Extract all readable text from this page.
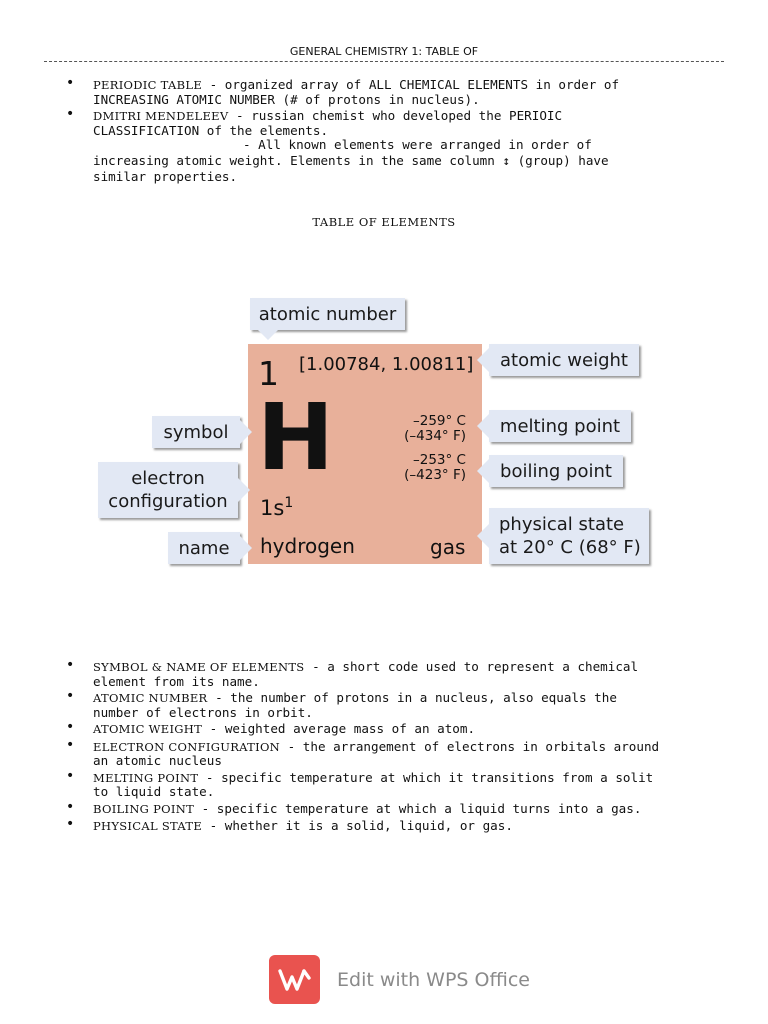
GENERAL CHEMISTRY 1: TABLE OF
• PERIODIC TABLE - organized array of ALL CHEMICAL ELEMENTS in order of
INCREASING ATOMIC NUMBER (# of protons in nucleus).
• DMITRI MENDELEEV - russian chemist who developed the PERIOIC
CLASSIFICATION of the elements.
- All known elements were arranged in order of
increasing atomic weight. Elements in the same column ↕ (group) have
similar properties.
TABLE OF ELEMENTS
1 [1.00784, 1.00811]
H	–259° C
(–434° F)
–253° C
(–423° F)
$1s^1$
hydrogen	gas
atomic number
atomic weight
symbol
electron
configuration
melting point
boiling point
name
physical state
at 20° C (68° F)
• SYMBOL & NAME OF ELEMENTS - a short code used to represent a chemical
element from its name.
• ATOMIC NUMBER - the number of protons in a nucleus, also equals the
number of electrons in orbit.
• ATOMIC WEIGHT - weighted average mass of an atom.
• ELECTRON CONFIGURATION - the arrangement of electrons in orbitals around
an atomic nucleus
• MELTING POINT - specific temperature at which it transitions from a solit
to liquid state.
• BOILING POINT - specific temperature at which a liquid turns into a gas.
• PHYSICAL STATE - whether it is a solid, liquid, or gas.
Edit with WPS Office
